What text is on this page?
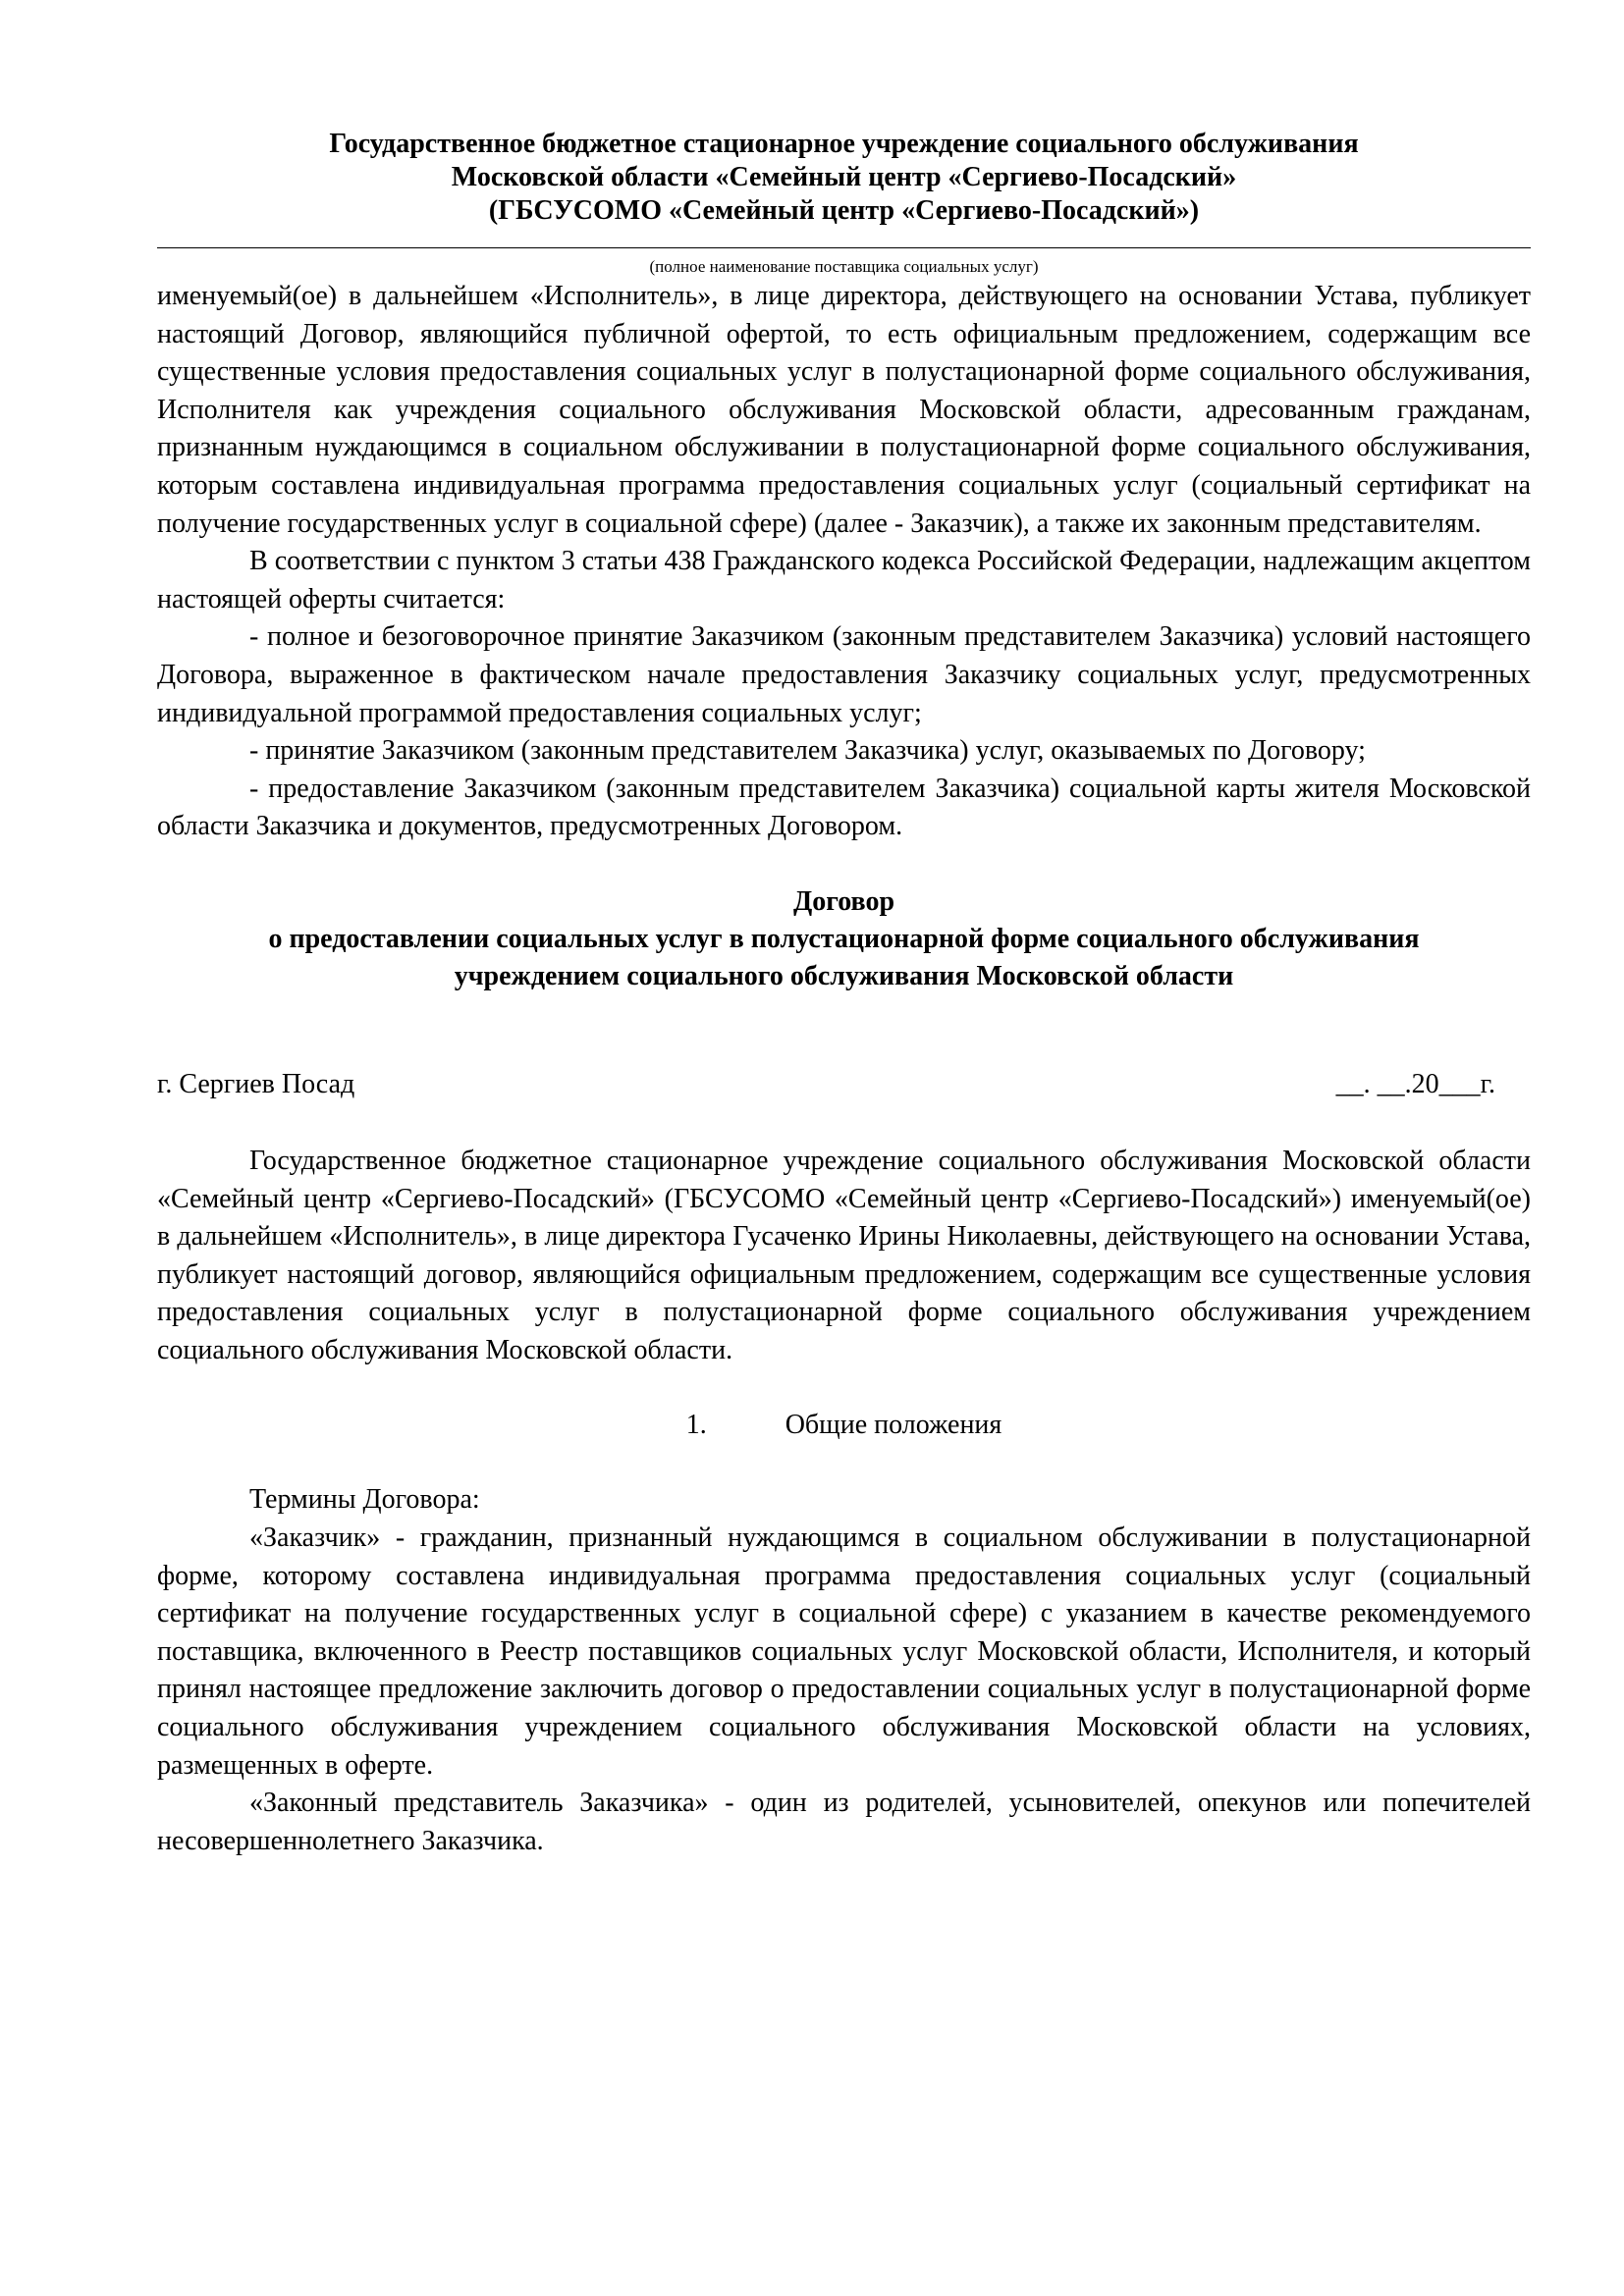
Государственное бюджетное стационарное учреждение социального обслуживания
Московской области «Семейный центр «Сергиево-Посадский»
(ГБСУСОМО «Семейный центр «Сергиево-Посадский»)

(полное наименование поставщика социальных услуг)

именуемый(ое) в дальнейшем «Исполнитель», в лице директора, действующего на основании Устава, публикует настоящий Договор, являющийся публичной офертой, то есть официальным предложением, содержащим все существенные условия предоставления социальных услуг в полустационарной форме социального обслуживания, Исполнителя как учреждения социального обслуживания Московской области, адресованным гражданам, признанным нуждающимся в социальном обслуживании в полустационарной форме социального обслуживания, которым составлена индивидуальная программа предоставления социальных услуг (социальный сертификат на получение государственных услуг в социальной сфере) (далее - Заказчик), а также их законным представителям.

В соответствии с пунктом 3 статьи 438 Гражданского кодекса Российской Федерации, надлежащим акцептом настоящей оферты считается:

- полное и безоговорочное принятие Заказчиком (законным представителем Заказчика) условий настоящего Договора, выраженное в фактическом начале предоставления Заказчику социальных услуг, предусмотренных индивидуальной программой предоставления социальных услуг;

- принятие Заказчиком (законным представителем Заказчика) услуг, оказываемых по Договору;

- предоставление Заказчиком (законным представителем Заказчика) социальной карты жителя Московской области Заказчика и документов, предусмотренных Договором.

Договор
о предоставлении социальных услуг в полустационарной форме социального обслуживания
учреждением социального обслуживания Московской области
г. Сергиев Посад	__. __.20___г.

Государственное бюджетное стационарное учреждение социального обслуживания Московской области «Семейный центр «Сергиево-Посадский» (ГБСУСОМО «Семейный центр «Сергиево-Посадский») именуемый(ое) в дальнейшем «Исполнитель», в лице директора Гусаченко Ирины Николаевны, действующего на основании Устава, публикует настоящий договор, являющийся официальным предложением, содержащим все существенные условия предоставления социальных услуг в полустационарной форме социального обслуживания учреждением социального обслуживания Московской области.

1.	Общие положения

Термины Договора:

«Заказчик» - гражданин, признанный нуждающимся в социальном обслуживании в полустационарной форме, которому составлена индивидуальная программа предоставления социальных услуг (социальный сертификат на получение государственных услуг в социальной сфере) с указанием в качестве рекомендуемого поставщика, включенного в Реестр поставщиков социальных услуг Московской области, Исполнителя, и который принял настоящее предложение заключить договор о предоставлении социальных услуг в полустационарной форме социального обслуживания учреждением социального обслуживания Московской области на условиях, размещенных в оферте.

«Законный представитель Заказчика» - один из родителей, усыновителей, опекунов или попечителей несовершеннолетнего Заказчика.
